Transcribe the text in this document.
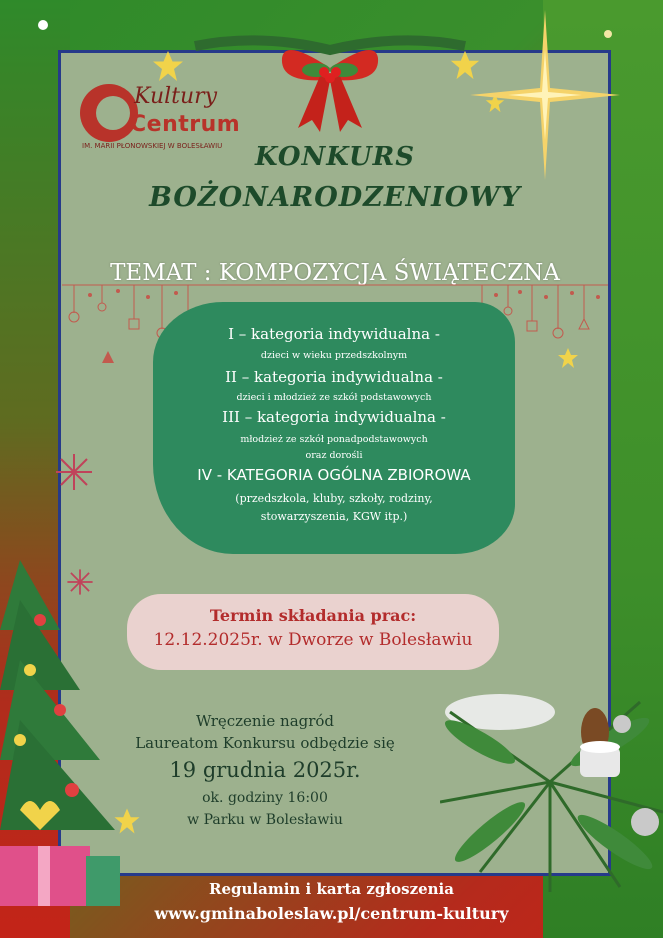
Kultury
Centrum
IM. MARII PŁONOWSKIEJ W BOLESŁAWIU	KONKURS
BOŻONARODZENIOWY
TEMAT : KOMPOZYCJA ŚWIĄTECZNA
I – kategoria indywidualna -
dzieci w wieku przedszkolnym
II – kategoria indywidualna -
dzieci i młodzież ze szkół podstawowych
III – kategoria indywidualna -
młodzież ze szkół ponadpodstawowych
oraz dorośli
IV - KATEGORIA OGÓLNA ZBIOROWA
(przedszkola, kluby, szkoły, rodziny,
stowarzyszenia, KGW itp.)
Termin składania prac:
12.12.2025r. w Dworze w Bolesławiu
Wręczenie nagród
Laureatom Konkursu odbędzie się
19 grudnia 2025r.
ok. godziny 16:00
w Parku w Bolesławiu
Regulamin i karta zgłoszenia
www.gminaboleslaw.pl/centrum-kultury
